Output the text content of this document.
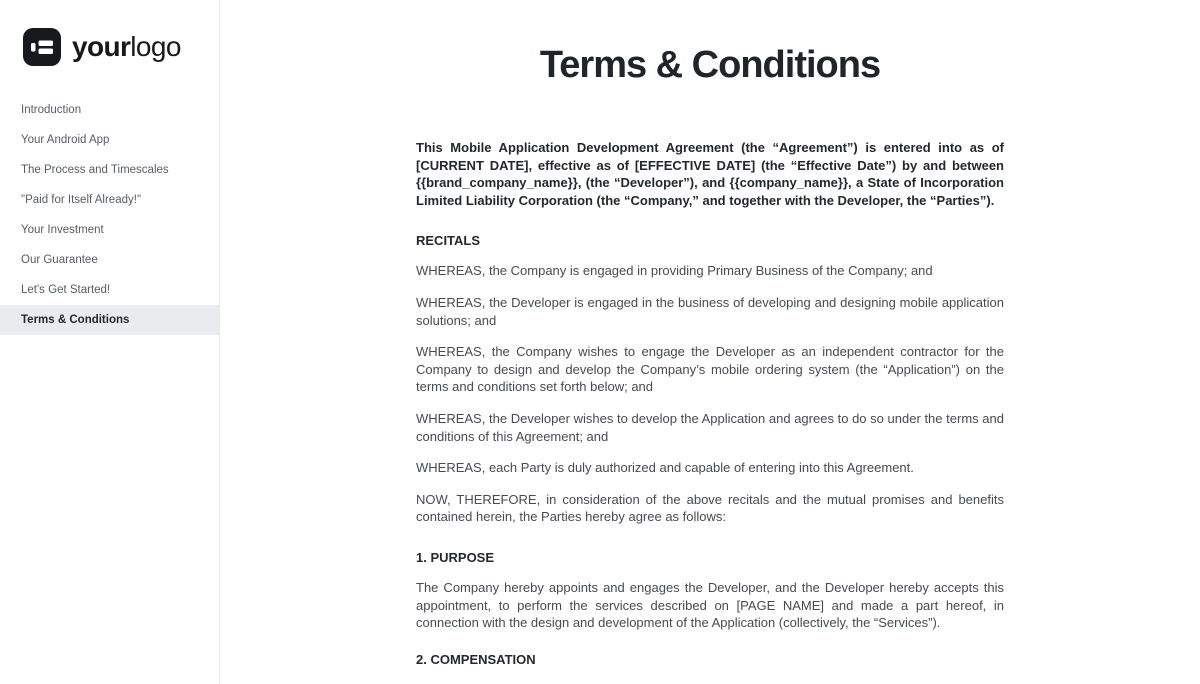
yourlogo
Introduction
Your Android App
The Process and Timescales
"Paid for Itself Already!"
Your Investment
Our Guarantee
Let's Get Started!
Terms & Conditions
Terms & Conditions

This Mobile Application Development Agreement (the “Agreement”) is entered into as of [CURRENT DATE], effective as of [EFFECTIVE DATE] (the “Effective Date”) by and between {{brand_company_name}}, (the “Developer”), and {{company_name}}, a State of Incorporation Limited Liability Corporation (the “Company,” and together with the Developer, the “Parties”).

RECITALS

WHEREAS, the Company is engaged in providing Primary Business of the Company; and

WHEREAS, the Developer is engaged in the business of developing and designing mobile application solutions; and

WHEREAS, the Company wishes to engage the Developer as an independent contractor for the Company to design and develop the Company’s mobile ordering system (the “Application”) on the terms and conditions set forth below; and

WHEREAS, the Developer wishes to develop the Application and agrees to do so under the terms and conditions of this Agreement; and

WHEREAS, each Party is duly authorized and capable of entering into this Agreement.

NOW, THEREFORE, in consideration of the above recitals and the mutual promises and benefits contained herein, the Parties hereby agree as follows:

1. PURPOSE

The Company hereby appoints and engages the Developer, and the Developer hereby accepts this appointment, to perform the services described on [PAGE NAME] and made a part hereof, in connection with the design and development of the Application (collectively, the “Services”).

2. COMPENSATION
